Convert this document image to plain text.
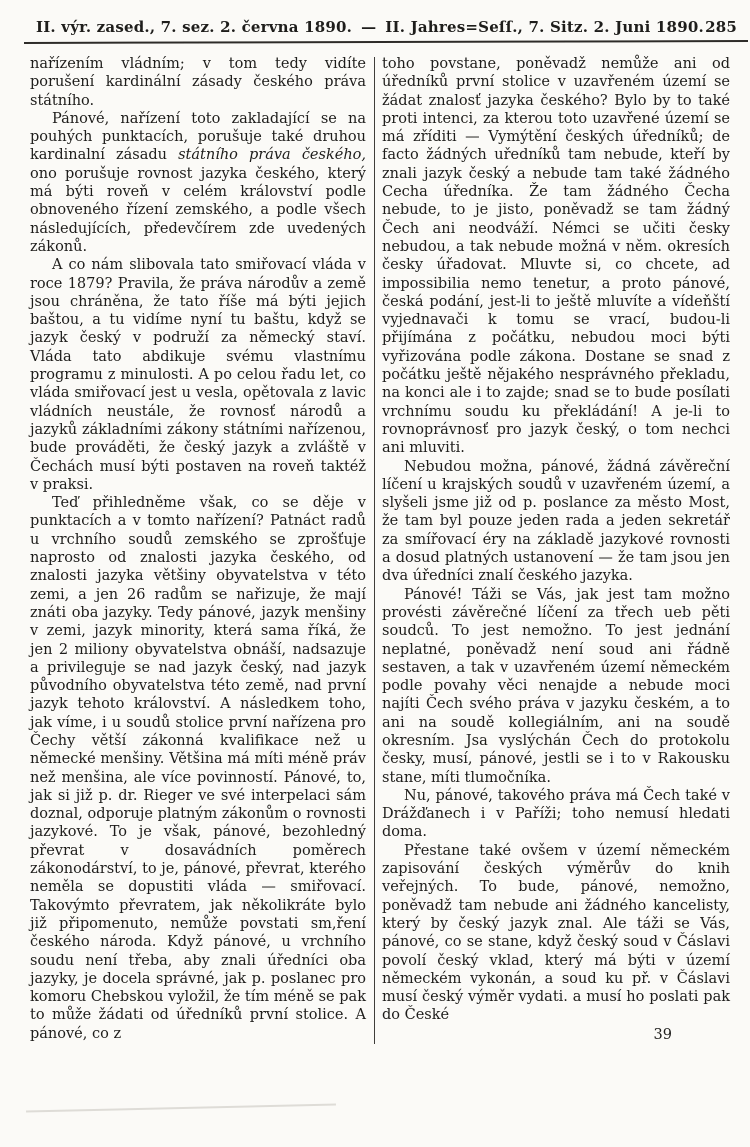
II. výr. zased., 7. sez. 2. června 1890. — II. Jahres=Seſſ., 7. Sitz. 2. Juni 1890. 285

nařízením vládním; v tom tedy vidíte porušení kardinální zásady českého práva státního.

Pánové, nařízení toto zakladající se na pouhých punktacích, porušuje také druhou kardinalní zásadu státního práva českého, ono porušuje rovnost jazyka českého, který má býti roveň v celém království podle obnoveného řízení zemského, a podle všech následujících, předevčírem zde uvedených zákonů.

A co nám slibovala tato smiřovací vláda v roce 1879? Pravila, že práva národův a země jsou chráněna, že tato říše má býti jejich baštou, a tu vidíme nyní tu baštu, když se jazyk český v podruží za německý staví. Vláda tato abdikuje svému vlastnímu programu z minulosti. A po celou řadu let, co vláda smiřovací jest u vesla, opětovala z lavic vládních neustále, že rovnosť národů a jazyků základními zákony státními nařízenou, bude prováděti, že český jazyk a zvláště v Čechách musí býti postaven na roveň taktéž v praksi.

Teď přihledněme však, co se děje v punktacích a v tomto nařízení? Patnáct radů u vrchního soudů zemského se zprošťuje naprosto od znalosti jazyka českého, od znalosti jazyka většiny obyvatelstva v této zemi, a jen 26 radům se nařizuje, že mají znáti oba jazyky. Tedy pánové, jazyk menšiny v zemi, jazyk minority, která sama říká, že jen 2 miliony obyvatelstva obnáší, nadsazuje a privileguje se nad jazyk český, nad jazyk původního obyvatelstva této země, nad první jazyk tehoto království. A následkem toho, jak víme, i u soudů stolice první nařízena pro Čechy větší zákonná kvalifikace než u německé menšiny. Většina má míti méně práv než menšina, ale více povinností. Pánové, to, jak si již p. dr. Rieger ve své interpelaci sám doznal, odporuje platným zákonům o rovnosti jazykové. To je však, pánové, bezohledný převrat v dosavádních poměrech zákonodárství, to je, pánové, převrat, kterého neměla se dopustiti vláda — smiřovací. Takovýmto převratem, jak několikráte bylo již připomenuto, nemůže povstati sm,ření českého národa. Když pánové, u vrchního soudu není třeba, aby znali úředníci oba jazyky, je docela správné, jak p. poslanec pro komoru Chebskou vyložil, že tím méně se pak to může žádati od úředníků první stolice. A pánové, co z

toho povstane, poněvadž nemůže ani od úředníků první stolice v uzavřeném území se žádat znalosť jazyka českého? Bylo by to také proti intenci, za kterou toto uzavřené území se má zříditi — Vymýtění českých úředníků; de facto žádných uředníků tam nebude, kteří by znali jazyk český a nebude tam také žádného Cecha úředníka. Že tam žádného Čecha nebude, to je jisto, poněvadž se tam žádný Čech ani neodváží. Némci se učiti česky nebudou, a tak nebude možná v něm. okresích česky úřadovat. Mluvte si, co chcete, ad impossibilia nemo tenetur, a proto pánové, česká podání, jest-li to ještě mluvíte a vídeňští vyjednavači k tomu se vrací, budou-li přijímána z počátku, nebudou moci býti vyřizována podle zákona. Dostane se snad z počátku ještě nějakého nesprávného překladu, na konci ale i to zajde; snad se to bude posílati vrchnímu soudu ku překládání! A je-li to rovnoprávnosť pro jazyk český, o tom nechci ani mluviti.

Nebudou možna, pánové, žádná závěreční líčení u krajských soudů v uzavřeném území, a slyšeli jsme již od p. poslance za město Most, že tam byl pouze jeden rada a jeden sekretář za smířovací éry na základě jazykové rovnosti a dosud platných ustanovení — že tam jsou jen dva úředníci znalí českého jazyka.

Pánové! Táži se Vás, jak jest tam možno provésti závěrečné líčení za třech ueb pěti soudců. To jest nemožno. To jest jednání neplatné, poněvadž není soud ani řádně sestaven, a tak v uzavřeném území německém podle povahy věci nenajde a nebude moci najíti Čech svého práva v jazyku českém, a to ani na soudě kollegiálním, ani na soudě okresním. Jsa vyslýchán Čech do protokolu česky, musí, pánové, jestli se i to v Rakousku stane, míti tlumočníka.

Nu, pánové, takového práva má Čech také v Drážďanech i v Paříži; toho nemusí hledati doma.

Přestane také ovšem v území německém zapisování českých výměrův do knih veřejných. To bude, pánové, nemožno, poněvadž tam nebude ani žádného kancelisty, který by český jazyk znal. Ale táži se Vás, pánové, co se stane, když český soud v Čáslavi povolí český vklad, který má býti v území německém vykonán, a soud ku př. v Čáslavi musí český výměr vydati. a musí ho poslati pak do České

39
